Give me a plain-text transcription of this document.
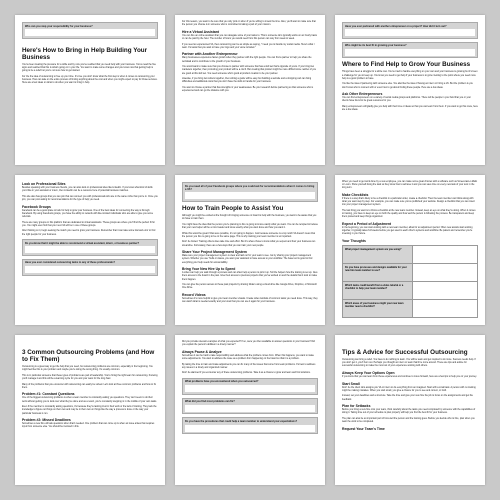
Who can you step your responsibility for your business?
Here's How to Bring in Help Building Your Business
You've been treating the pressure for a while and by now you've realized that you need help with your business. You've read the five signs and realized that this is what's going on in your life. You want to make some changes and you know now that getting help is going to be a relief but you're not sure how to get started.
For the the idea of outsourcing to free up your time. It's true you don't know what the first step is when it comes to outsourcing your business. How can take on the entire process of finding anything about the cost and when you might expect to pay for those services. Here are a few ideas on what to do when you want to bring in help.
For this reason, you want to be sure that you only pick on when if you're willing to invest the time. Also, you'll want to make sure that the person you choose is in someone who is committed to taking a part of your mission.
Hire a Virtual Assistant
You can hire an online assistant that you can delegate some of your tasks to. This is someone who typically works on an hourly basis or can be paid by the hour. The number of hours you would need from this person can vary from week to week.
If you need an experienced VA, then outsourcing can be as simple as saying, "I need you to handle my social media. Here's what I want. It's tasks that you want to have your logo and your voice included."
Partner with Another Entrepreneur
Many businesses experience faster growth when they partner with the right people. You can find a partner to help you share the workload and to contribute to the growth of your business.
You would want to make sure that you choose to partner with someone that has a skill set that's opposite of yours. If you bring two marketers together, then promoting your product will be a cinch. But creating that product might be more difficult since neither of you are good at this skill set. You need someone who's good at product creation to be your partner.
Likewise, if you bring two writers together, then writing a guide will be easy but building a website and a shopping cart can bring difficulties and additional costs that you don't have the skills to handle for your business.
You want to choose a partner that has strengths in your weaknesses. Be your research before partnering so that someone who is experienced and can go the distance with you.
Have you ever partnered with another entrepreneur on a project? How did it turn out?
Who might be its best fit in growing your business?
Where to Find Help to Grow Your Business
Things have been a struggle for a while now. You've tried to handle everything on your own and your business is growing but it's been a challenge for you to keep up. You know you need to get help if your business is to grow. Getting to the point where you need more help is a good problem to have.
You like the idea of partnering with someone else. You also like the idea of having an intern or hiring a VA. But the problem is you don't know who to connect with or even how to go about finding these people. Here are a few ideas.
Ask Other Entrepreneurs
You can find entrepreneurs on a variety of social media groups and platforms. There will be people in your field that you or your clients have found to be great resources for you.
Many entrepreneurs will gladly give you help with their time or ideas so that you can learn from them. If you want to go this route, here are a few ideas.
Look on Professional Sites
Besides speaking with your business friends, you can also look on professional sites like LinkedIn. If you know what kind of skills you'd like in your assistant or intern, then LinkedIn can be a resource here of potential business matches.
This site also has groups that you can join that can connect you with professionals who are in the same niche that you're in. Once you join, you can post asking for recommendations for the type of help you need.
Facebook Groups
Facebook can be a good place to look for help to grow your business. One of the best ideas for connecting the way is through Facebook. By using Facebook groups, you have the ability to network with like-minded individuals who are able to give you some referrals.
There are many groups on this platform that are dedicated to virtual assistants. These groups are where you'll find the perfect fit for you. You might even find that your next VA will be in one of these groups.
After thinking on it, begin seeking the match you need to grow your business. Remember that it can take some trial and error to find the right people for your business.
Do you know that it might be able to recommend a virtual assistant, intern, or business partner?
Have you ever considered outsourcing tasks to any of these professionals?
Do you need all of your Facebook groups where you could ask for recommendations when it comes to hiring a VA?
How to Train People to Assist You
Although you might be excited at the thought of bringing someone on board to help with the business, you want to be aware that you do have to train them.
You might have the idea that the person you're planning to hire is going to know exactly what you want. You can be tempted to believe that your new helper will be a mind reader and know exactly what you want done and how you want it.
While this would be great if that were possible, it's not going to happen. Just because someone is a top notch VA doesn't mean that the person you hire is going to be on the same page. This is why training your team member is so important.
Don't be fooled. Training others does take time and effort. But it's where those to know what you expect and how your business can streamline. Fortunately, there are a few ways that you can train your new people.
Share Your Project Management System
Make sure your project management system is clear and laid out for your team to see. Go by sharing your project management system. Whether you use Trello or Asana, you want your assistant to have access to your workflow. The base tool is good to find everything your help needs for accountability.
Bring Your New Hire Up to Speed
A video can help you walk through a process and can often help a person to pick it up. Tell the helpers how the training is set up. Give them access to the board in the past. Give their access to previous projects that you've worked on and the details that it took to make them happen.
You can give the person access to these past projects by sharing folders using a cloud drive like Google Drive, Dropbox, or Microsoft One Drive.
Record Videos
Sometimes it's more helpful to give your team member visuals. Create video tutorials of common tasks you need done. This way, they can watch what is needed exactly and you know that you can use it again for your business.
When you need to get work done by a new employee, you can make some great choices with a software such as Screencast-o-Matic or Loom. Show yourself doing the task so they know how to achieve it and you can save time on every new task of your own in the long term.
Make Checklists
If there is a step that's likely to be a checklist in a particular order, create a checklist. Then the team member can follow along with what you want step by step. For example, you can make sure you've published your website. Design a checklist that you can insert into your project management system.
The last thing you want is to throw a checklist at the new team member. Instead, keep an eye on what they're doing. When it comes to training, you have to keep an eye on both the quality and how well the person is following the process. Be transparent and keep them posted and keep things organized.
Expect a Period of Adjustment
In the beginning, you can start working with a new team member, allow for an adjustment period. Often new assists start working together, it typically takes 6-8 weeks before you get used to each other's systems and workflow. Be patient and remember you're investing in your future.
Your Thoughts
What project management system are you using?
Do you have processes and designs available for your new hire team member to use?
Which tasks could benefit from a video tutorial or a checklist to help your team member?
Which areas of your business might your new team member need a checklist?
3 Common Outsourcing Problems (and How to Fix Them)
Outsourcing is a great way to get the help that you need, but outsourcing problems are common, especially in the beginning. You might feel like this is your problem and maybe you're doing the wrong thing. It's usually common.
This is in particular someone that these types of problems are part of leadership. You're hiring the right team for outsourcing. Knowing you'll manage it and this will be a learning cycle for you and your team for the long haul.
Many of the problems that you encounter with outsourcing can easily be solved. Let's look at three common problems and how to fix them.
Problem #1: Constant Questions
One of the biggest outsourcing problems is when a team member is constantly asking you questions. They can't seem to do their work without getting you to look over what they've done and as a result, you're constantly stepping in in the middle of your own tasks.
Even if the member is constantly asking questions, it's because they're lacking trust in their work or the lack of training. They lack the knowledge to figure out things on their own and may be in their own on things like the way a process is done or the way your particular business is run.
Problem #2: Missed Deadlines
Sometimes a new hire will ask questions when that's needed. One problem that can come up is when an issue arises that requires input from someone else. You should be involved in this.
Did you provide relevant examples of what you expected? If so, were you then available to answer questions in your business? Did you explain the person's abilities in a timely manner?
Always Pause & Analyze
Sometimes it can be hard to take responsibility and address what the problem comes from. When this happens, you want to make some adjustments. You want to address the issue as a problem from happening on the board so that it is a problem.
By taking the time to train and make adjustments you can fix many of the issues that come from team problems. It's best to address any issues in a timely and organized manner.
Don't be alarmed if you encounter any of these outsourcing problems. Take it as a chance to grow and learn and find solutions.
What problems have you encountered when you outsourced?
What did you find most problems can fix?
Do you have the procedures that could help a team member to understand your expectations?
Tips & Advice for Successful Outsourcing
Outsourcing can bring a relief. You have to do nothing to learn. You will be team and get inspired to do more. Success needs help. If you don't get it, you'll burn out. Perhaps you thought an intern or team that'd be more around. These are tips and advice for successful outsourcing to make the most out of your experience working with others.
Always Keep Your Options Open
If you know that you can learn from these experiences and continue to move forward, here are a few tips to help you on your journey.
Start Small
Don't be the client who assigns you VA or intern to do everything from an imagined. Start with a small task. A person with no training might be making mistakes. When you start small, you give a chance for you to see and correct, or both.
Instead, set your deadlines and a structure. Take the time and give your new hire the job to focus on the assignments and get the feedback.
Plan for Setbacks
Before you bring a new hire onto your team, think carefully about the tasks you need completed by someone with the capabilities of doing it. Taking time out of your schedule to plan properly will help you find the best fit for your business.
The plan can also be an important part of how well the person and the training goes. Before you decide who to hire, plan when you want the work to be completed.
Request Your Team's Time
